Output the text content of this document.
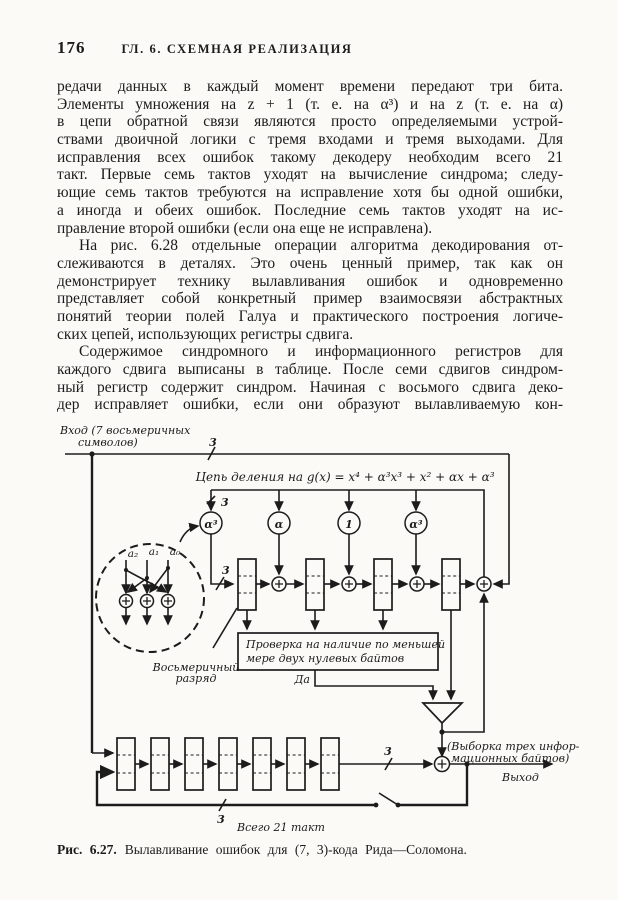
176	ГЛ. 6. СХЕМНАЯ РЕАЛИЗАЦИЯ
редачи данных в каждый момент времени передают три бита.
Элементы умножения на z + 1 (т. е. на α³) и на z (т. е. на α)
в цепи обратной связи являются просто определяемыми устрой-
ствами двоичной логики с тремя входами и тремя выходами. Для
исправления всех ошибок такому декодеру необходим всего 21
такт. Первые семь тактов уходят на вычисление синдрома; следу-
ющие семь тактов требуются на исправление хотя бы одной ошибки,
а иногда и обеих ошибок. Последние семь тактов уходят на ис-
правление второй ошибки (если она еще не исправлена).
На рис. 6.28 отдельные операции алгоритма декодирования от-
слеживаются в деталях. Это очень ценный пример, так как он
демонстрирует технику вылавливания ошибок и одновременно
представляет собой конкретный пример взаимосвязи абстрактных
понятий теории полей Галуа и практического построения логиче-
ских цепей, использующих регистры сдвига.
Содержимое синдромного и информационного регистров для
каждого сдвига выписаны в таблице. После семи сдвигов синдром-
ный регистр содержит синдром. Начиная с восьмого сдвига деко-
дер исправляет ошибки, если они образуют вылавливаемую кон-
3
Вход (7 восьмеричных
символов)
Цепь деления на g(x) = x⁴ + α³x³ + x² + αx + α³
3
α³	α	1	α³
3
Проверка на наличие по меньшей
мере двух нулевых байтов
Да
Восьмеричный
разряд
a₂ a₁ a₀
3	(Выборка трех инфор-
мационных байтов)
Выход
3
Всего 21 такт
Рис. 6.27. Вылавливание ошибок для (7, 3)-кода Рида—Соломона.
